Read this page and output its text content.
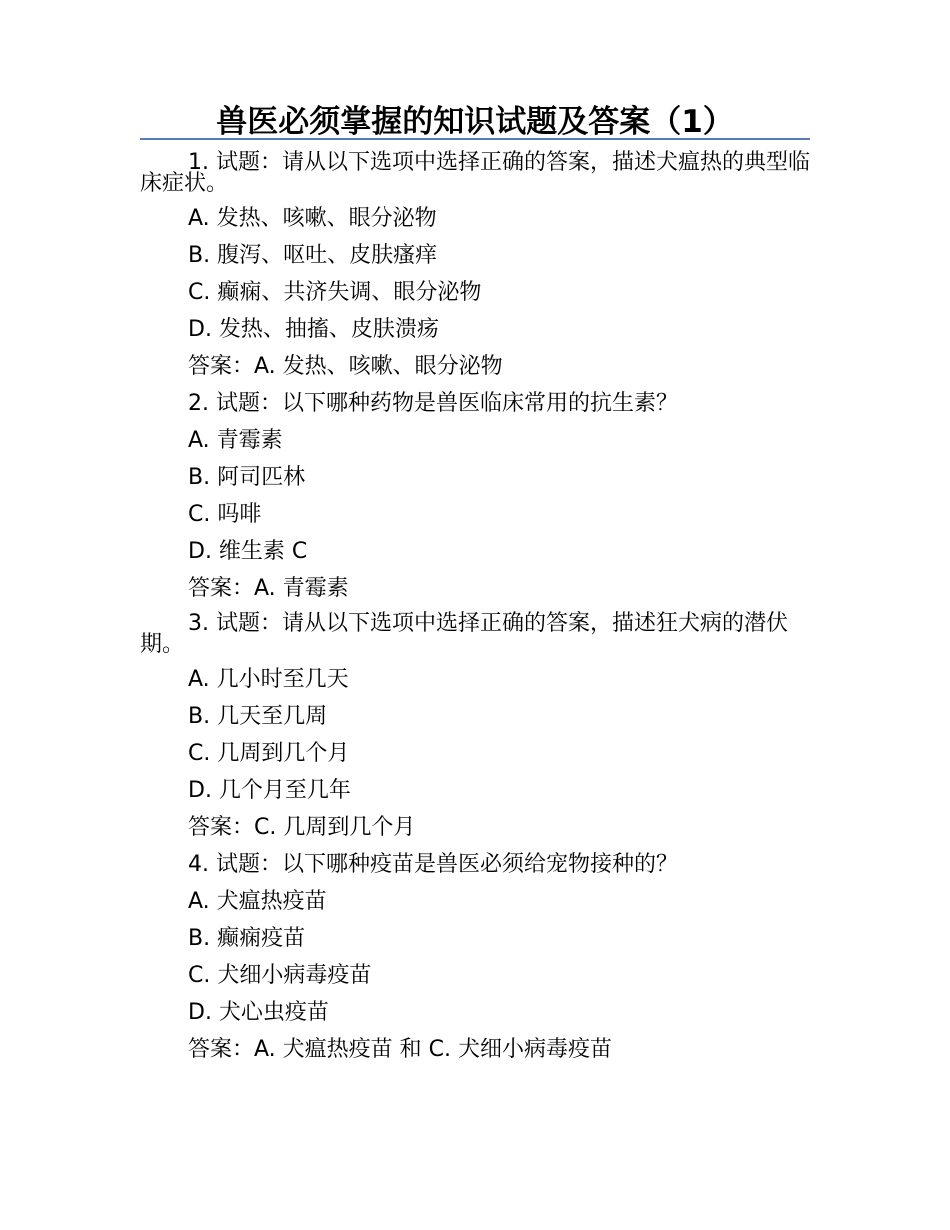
兽医必须掌握的知识试题及答案（1）
1. 试题：请从以下选项中选择正确的答案，描述犬瘟热的典型临床症状。
A. 发热、咳嗽、眼分泌物
B. 腹泻、呕吐、皮肤瘙痒
C. 癫痫、共济失调、眼分泌物
D. 发热、抽搐、皮肤溃疡
答案：A. 发热、咳嗽、眼分泌物
2. 试题：以下哪种药物是兽医临床常用的抗生素？
A. 青霉素
B. 阿司匹林
C. 吗啡
D. 维生素 C
答案：A. 青霉素
3. 试题：请从以下选项中选择正确的答案，描述狂犬病的潜伏期。
A. 几小时至几天
B. 几天至几周
C. 几周到几个月
D. 几个月至几年
答案：C. 几周到几个月
4. 试题：以下哪种疫苗是兽医必须给宠物接种的？
A. 犬瘟热疫苗
B. 癫痫疫苗
C. 犬细小病毒疫苗
D. 犬心虫疫苗
答案：A. 犬瘟热疫苗 和 C. 犬细小病毒疫苗
